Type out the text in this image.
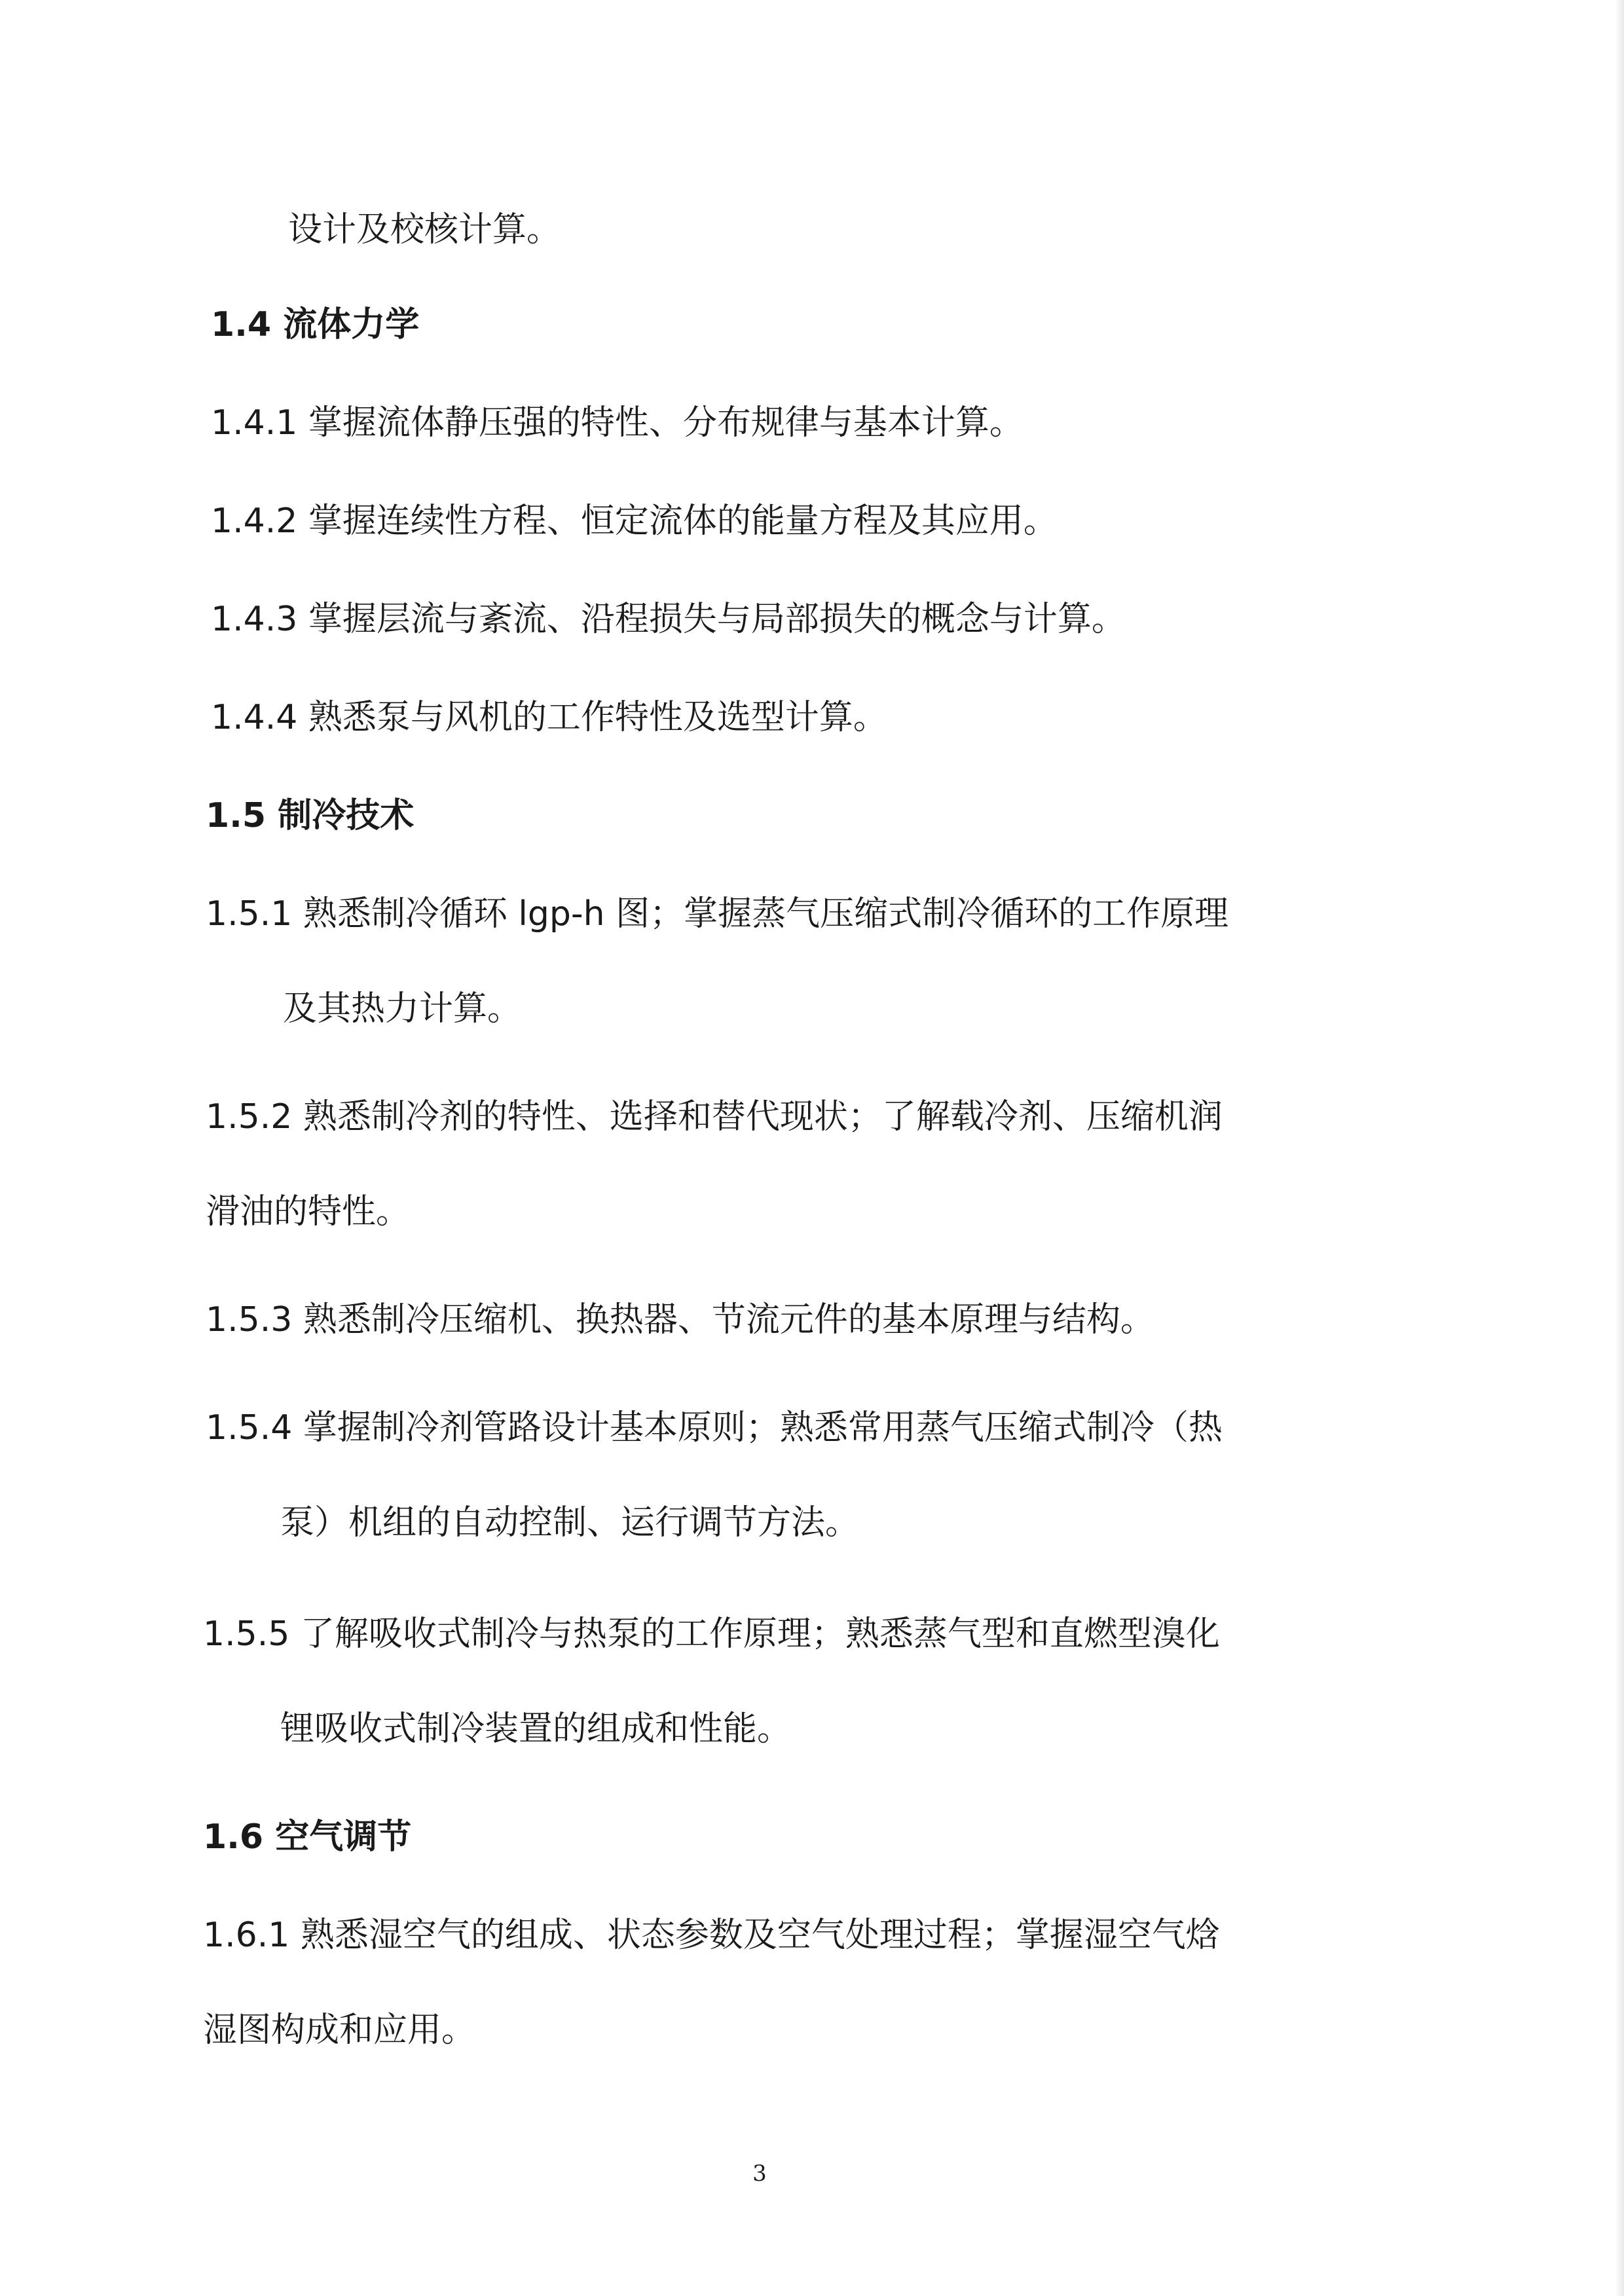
设计及校核计算。

1.4 流体力学

1.4.1 掌握流体静压强的特性、分布规律与基本计算。

1.4.2 掌握连续性方程、恒定流体的能量方程及其应用。

1.4.3 掌握层流与紊流、沿程损失与局部损失的概念与计算。

1.4.4 熟悉泵与风机的工作特性及选型计算。

1.5 制冷技术

1.5.1 熟悉制冷循环 lgp-h 图；掌握蒸气压缩式制冷循环的工作原理

及其热力计算。

1.5.2 熟悉制冷剂的特性、选择和替代现状；了解载冷剂、压缩机润

滑油的特性。

1.5.3 熟悉制冷压缩机、换热器、节流元件的基本原理与结构。

1.5.4 掌握制冷剂管路设计基本原则；熟悉常用蒸气压缩式制冷（热

泵）机组的自动控制、运行调节方法。

1.5.5 了解吸收式制冷与热泵的工作原理；熟悉蒸气型和直燃型溴化

锂吸收式制冷装置的组成和性能。

1.6 空气调节

1.6.1 熟悉湿空气的组成、状态参数及空气处理过程；掌握湿空气焓

湿图构成和应用。

3
